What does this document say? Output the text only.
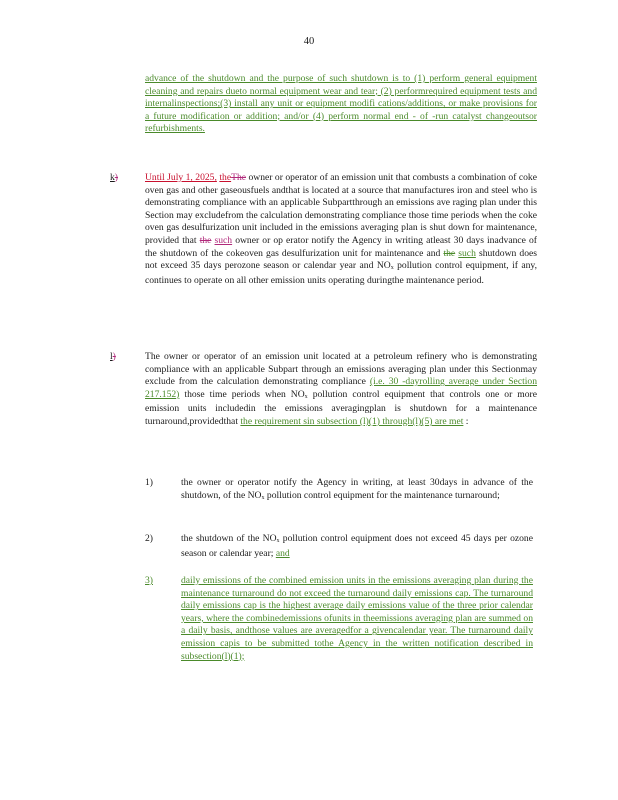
40
advance of the shutdown and the purpose of such shutdown is to (1) perform general equipment cleaning and repairs dueto normal equipment wear and tear; (2) performrequired equipment tests and internalinspections;(3) install any unit or equipment modifi cations/additions, or make provisions for a future modification or addition; and/or (4) perform normal end - of -run catalyst changeoutsor refurbishments.
k)	Until July 1, 2025, theThe owner or operator of an emission unit that combusts a combination of coke oven gas and other gaseousfuels andthat is located at a source that manufactures iron and steel who is demonstrating compliance with an applicable Subpartthrough an emissions ave raging plan under this Section may excludefrom the calculation demonstrating compliance those time periods when the coke oven gas desulfurization unit included in the emissions averaging plan is shut down for maintenance, provided that the such owner or op erator notify the Agency in writing atleast 30 days inadvance of the shutdown of the cokeoven gas desulfurization unit for maintenance and the such shutdown does not exceed 35 days perozone season or calendar year and $NO_x$ pollution control equipment, if any, continues to operate on all other emission units operating duringthe maintenance period.
l)	The owner or operator of an emission unit located at a petroleum refinery who is demonstrating compliance with an applicable Subpart through an emissions averaging plan under this Sectionmay exclude from the calculation demonstrating compliance (i.e. 30 -dayrolling average under Section 217.152) those time periods when $NO_x$ pollution control equipment that controls one or more emission units includedin the emissions averagingplan is shutdown for a maintenance turnaround,providedthat the requirement sin subsection (l)(1) through(l)(5) are met :
1)	the owner or operator notify the Agency in writing, at least 30days in advance of the shutdown, of the $NO_x$ pollution control equipment for the maintenance turnaround;
2)	the shutdown of the $NO_x$ pollution control equipment does not exceed 45 days per ozone season or calendar year; and
3)	daily emissions of the combined emission units in the emissions averaging plan during the maintenance turnaround do not exceed the turnaround daily emissions cap. The turnaround daily emissions cap is the highest average daily emissions value of the three prior calendar years, where the combinedemissions ofunits in theemissions averaging plan are summed on a daily basis, andthose values are averagedfor a givencalendar year. The turnaround daily emission capis to be submitted tothe Agency in the written notification described in subsection(l)(1);
